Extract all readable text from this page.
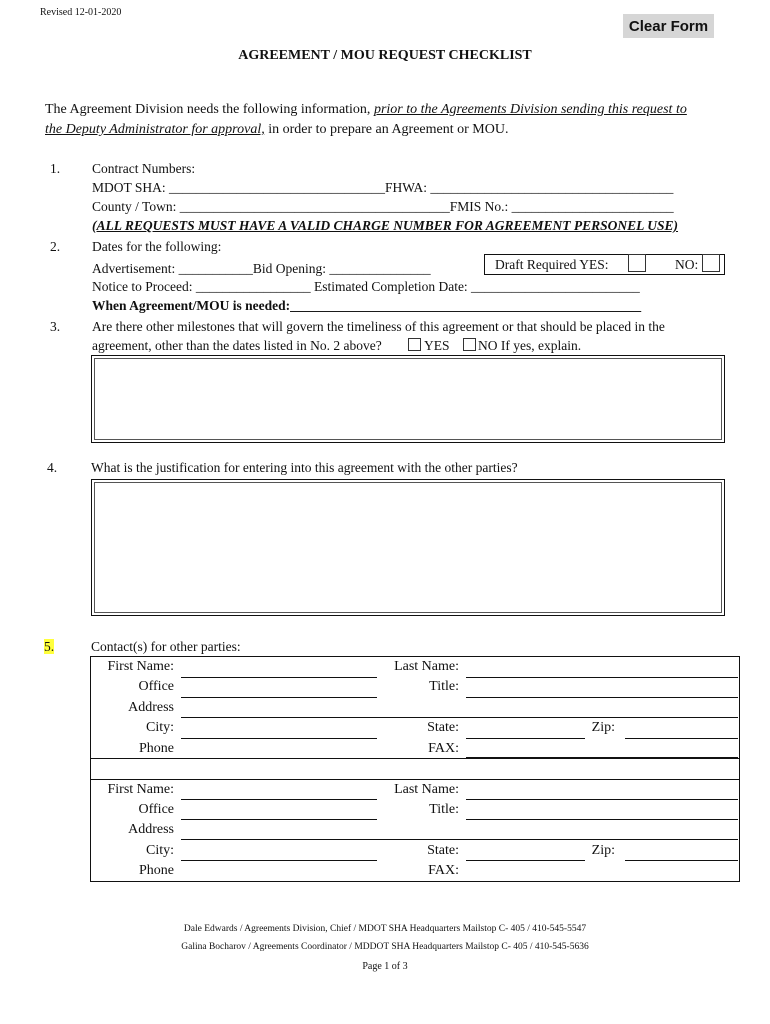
Revised 12-01-2020
Clear Form
AGREEMENT / MOU REQUEST CHECKLIST
The Agreement Division needs the following information, prior to the Agreements Division sending this request to
the Deputy Administrator for approval, in order to prepare an Agreement or MOU.
1. Contract Numbers:
MDOT SHA: ________________________________FHWA: ____________________________________
County / Town: ________________________________________FMIS No.: ________________________
(ALL REQUESTS MUST HAVE A VALID CHARGE NUMBER FOR AGREEMENT PERSONEL USE)
2. Dates for the following:
Advertisement: ___________Bid Opening: _______________	Draft Required YES:	NO:
Notice to Proceed: _________________ Estimated Completion Date: _________________________
When Agreement/MOU is needed:____________________________________________________
3. Are there other milestones that will govern the timeliness of this agreement or that should be placed in the
agreement, other than the dates listed in No. 2 above?	YES NO If yes, explain.
4.	What is the justification for entering into this agreement with the other parties?
5.	Contact(s) for other parties:
First Name:	Last Name:
Office	Title:
Address
City:	State:	Zip:
Phone	FAX:
First Name:	Last Name:
Office	Title:
Address
City:	State:	Zip:
Phone	FAX:
Dale Edwards / Agreements Division, Chief / MDOT SHA Headquarters Mailstop C- 405 / 410-545-5547
Galina Bocharov / Agreements Coordinator / MDDOT SHA Headquarters Mailstop C- 405 / 410-545-5636
Page 1 of 3
